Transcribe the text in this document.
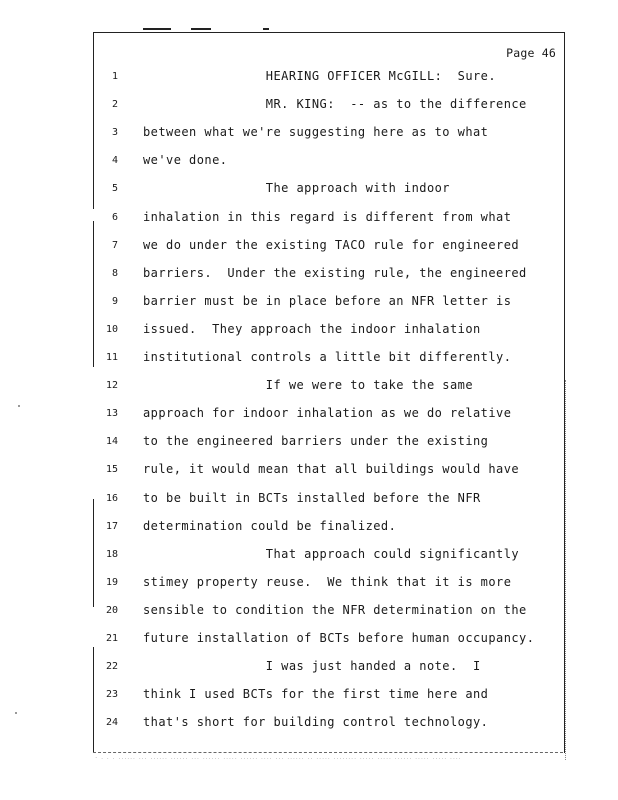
Page 46
1 HEARING OFFICER McGILL:  Sure.
2 MR. KING:  -- as to the difference
3 between what we're suggesting here as to what
4 we've done.
5 The approach with indoor
6 inhalation in this regard is different from what
7 we do under the existing TACO rule for engineered
8 barriers.  Under the existing rule, the engineered
9 barrier must be in place before an NFR letter is
10 issued.  They approach the indoor inhalation
11 institutional controls a little bit differently.
12 If we were to take the same
13 approach for indoor inhalation as we do relative
14 to the engineered barriers under the existing
15 rule, it would mean that all buildings would have
16 to be built in BCTs installed before the NFR
17 determination could be finalized.
18 That approach could significantly
19 stimey property reuse.  We think that it is more
20 sensible to condition the NFR determination on the
21 future installation of BCTs before human occupancy.
22 I was just handed a note.  I
23 think I used BCTs for the first time here and
24 that's short for building control technology.
- . . . ...... ... ...... ...... ... ...... ..... ...... .... ... ...... .. ..... ........ ..... ..... ...... ..... ..... ....
